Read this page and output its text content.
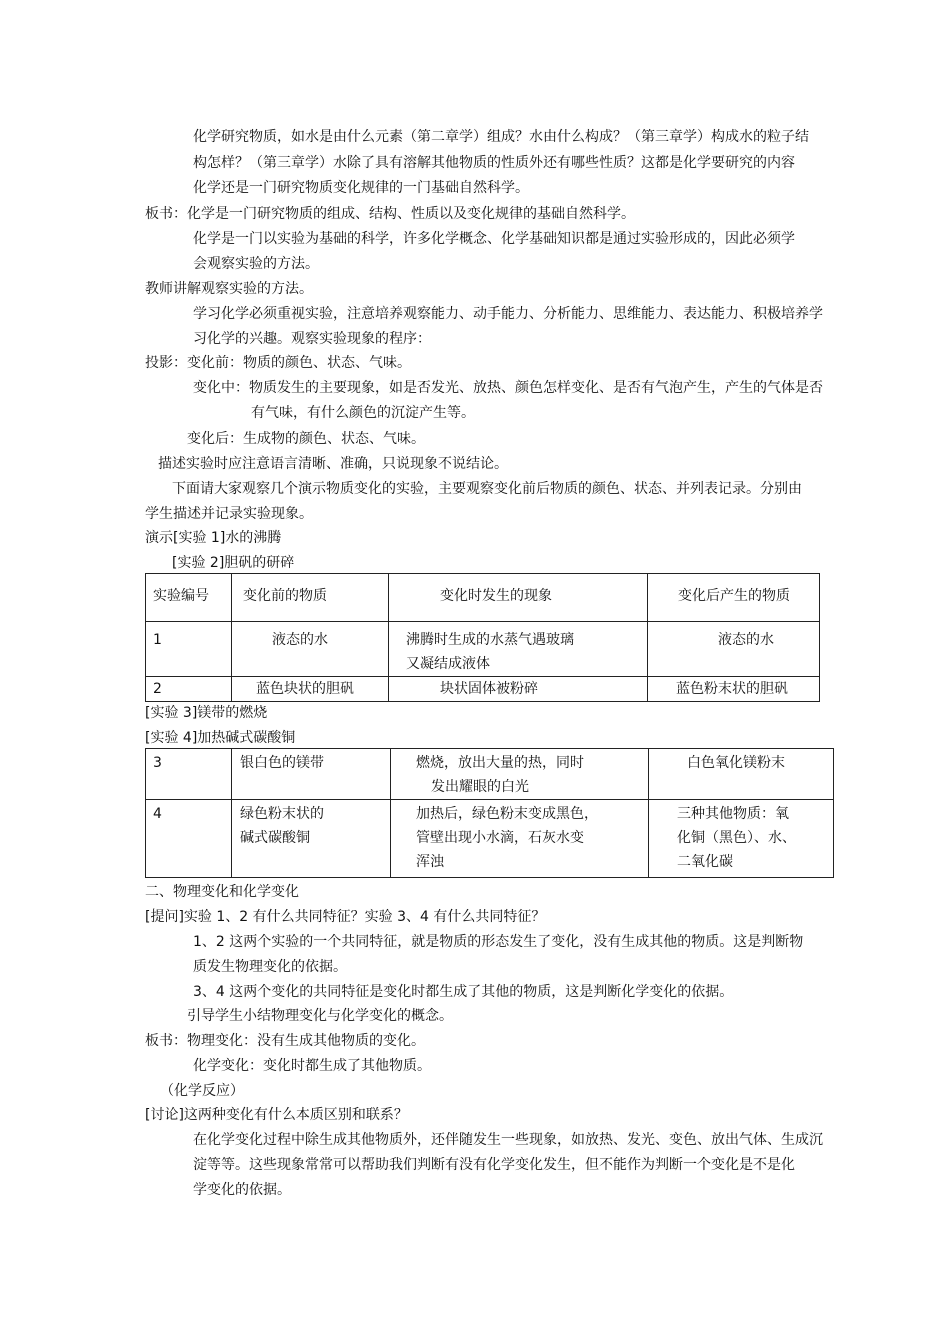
化学研究物质，如水是由什么元素（第二章学）组成？水由什么构成？（第三章学）构成水的粒子结
构怎样？（第三章学）水除了具有溶解其他物质的性质外还有哪些性质？这都是化学要研究的内容
化学还是一门研究物质变化规律的一门基础自然科学。
板书：化学是一门研究物质的组成、结构、性质以及变化规律的基础自然科学。
化学是一门以实验为基础的科学，许多化学概念、化学基础知识都是通过实验形成的，因此必须学
会观察实验的方法。
教师讲解观察实验的方法。
学习化学必须重视实验，注意培养观察能力、动手能力、分析能力、思维能力、表达能力、积极培养学
习化学的兴趣。观察实验现象的程序：
投影：变化前：物质的颜色、状态、气味。
变化中：物质发生的主要现象，如是否发光、放热、颜色怎样变化、是否有气泡产生，产生的气体是否
有气味，有什么颜色的沉淀产生等。
变化后：生成物的颜色、状态、气味。
描述实验时应注意语言清晰、准确，只说现象不说结论。
下面请大家观察几个演示物质变化的实验，主要观察变化前后物质的颜色、状态、并列表记录。分别由
学生描述并记录实验现象。
演示[实验 1]水的沸腾
[实验 2]胆矾的研碎
实验编号	变化前的物质	变化时发生的现象	变化后产生的物质

1	液态的水	沸腾时生成的水蒸气遇玻璃
又凝结成液体	液态的水

2	蓝色块状的胆矾	块状固体被粉碎	蓝色粉末状的胆矾
[实验 3]镁带的燃烧
[实验 4]加热碱式碳酸铜
3	银白色的镁带	燃烧，放出大量的热，同时
发出耀眼的白光	白色氧化镁粉末

4	绿色粉末状的
碱式碳酸铜	加热后，绿色粉末变成黑色，
管壁出现小水滴，石灰水变
浑浊	三种其他物质：氧
化铜（黑色）、水、
二氧化碳
二、物理变化和化学变化
[提问]实验 1、2 有什么共同特征？实验 3、4 有什么共同特征？
1、2 这两个实验的一个共同特征，就是物质的形态发生了变化，没有生成其他的物质。这是判断物
质发生物理变化的依据。
3、4 这两个变化的共同特征是变化时都生成了其他的物质，这是判断化学变化的依据。
引导学生小结物理变化与化学变化的概念。
板书：物理变化：没有生成其他物质的变化。
化学变化：变化时都生成了其他物质。
（化学反应）
[讨论]这两种变化有什么本质区别和联系？
在化学变化过程中除生成其他物质外，还伴随发生一些现象，如放热、发光、变色、放出气体、生成沉
淀等等。这些现象常常可以帮助我们判断有没有化学变化发生，但不能作为判断一个变化是不是化
学变化的依据。
